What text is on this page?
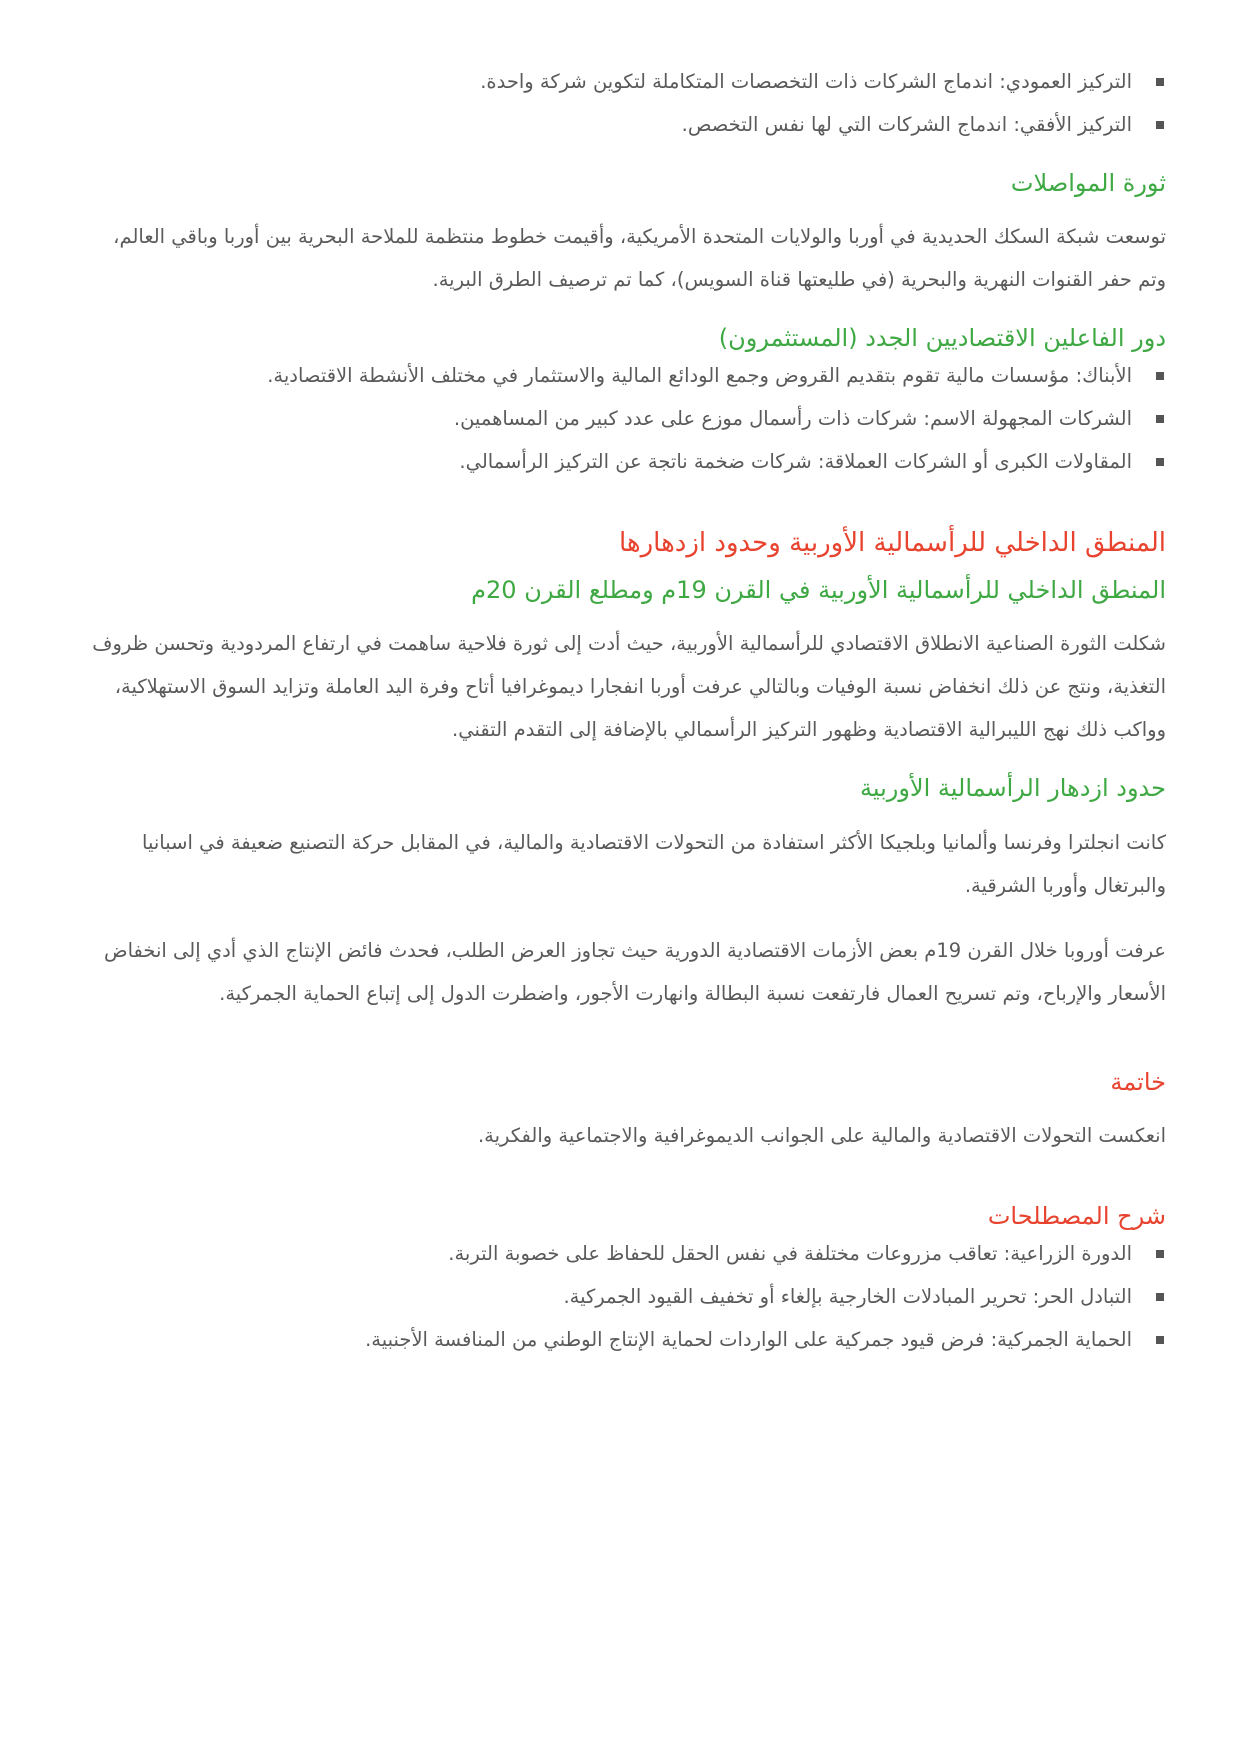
التركيز العمودي: اندماج الشركات ذات التخصصات المتكاملة لتكوين شركة واحدة.
التركيز الأفقي: اندماج الشركات التي لها نفس التخصص.
ثورة المواصلات

توسعت شبكة السكك الحديدية في أوربا والولايات المتحدة الأمريكية، وأقيمت خطوط منتظمة للملاحة البحرية بين أوربا وباقي العالم، وتم حفر القنوات النهرية والبحرية (في طليعتها قناة السويس)، كما تم ترصيف الطرق البرية.

دور الفاعلين الاقتصاديين الجدد (المستثمرون)
الأبناك: مؤسسات مالية تقوم بتقديم القروض وجمع الودائع المالية والاستثمار في مختلف الأنشطة الاقتصادية.
الشركات المجهولة الاسم: شركات ذات رأسمال موزع على عدد كبير من المساهمين.
المقاولات الكبرى أو الشركات العملاقة: شركات ضخمة ناتجة عن التركيز الرأسمالي.
المنطق الداخلي للرأسمالية الأوربية وحدود ازدهارها
المنطق الداخلي للرأسمالية الأوربية في القرن 19م ومطلع القرن 20م

شكلت الثورة الصناعية الانطلاق الاقتصادي للرأسمالية الأوربية، حيث أدت إلى ثورة فلاحية ساهمت في ارتفاع المردودية وتحسن ظروف التغذية، ونتج عن ذلك انخفاض نسبة الوفيات وبالتالي عرفت أوربا انفجارا ديموغرافيا أتاح وفرة اليد العاملة وتزايد السوق الاستهلاكية، وواكب ذلك نهج الليبرالية الاقتصادية وظهور التركيز الرأسمالي بالإضافة إلى التقدم التقني.

حدود ازدهار الرأسمالية الأوربية

كانت انجلترا وفرنسا وألمانيا وبلجيكا الأكثر استفادة من التحولات الاقتصادية والمالية، في المقابل حركة التصنيع ضعيفة في اسبانيا والبرتغال وأوربا الشرقية.

عرفت أوروبا خلال القرن 19م بعض الأزمات الاقتصادية الدورية حيث تجاوز العرض الطلب، فحدث فائض الإنتاج الذي أدي إلى انخفاض الأسعار والإرباح، وتم تسريح العمال فارتفعت نسبة البطالة وانهارت الأجور، واضطرت الدول إلى إتباع الحماية الجمركية.

خاتمة

انعكست التحولات الاقتصادية والمالية على الجوانب الديموغرافية والاجتماعية والفكرية.

شرح المصطلحات
الدورة الزراعية: تعاقب مزروعات مختلفة في نفس الحقل للحفاظ على خصوبة التربة.
التبادل الحر: تحرير المبادلات الخارجية بإلغاء أو تخفيف القيود الجمركية.
الحماية الجمركية: فرض قيود جمركية على الواردات لحماية الإنتاج الوطني من المنافسة الأجنبية.
